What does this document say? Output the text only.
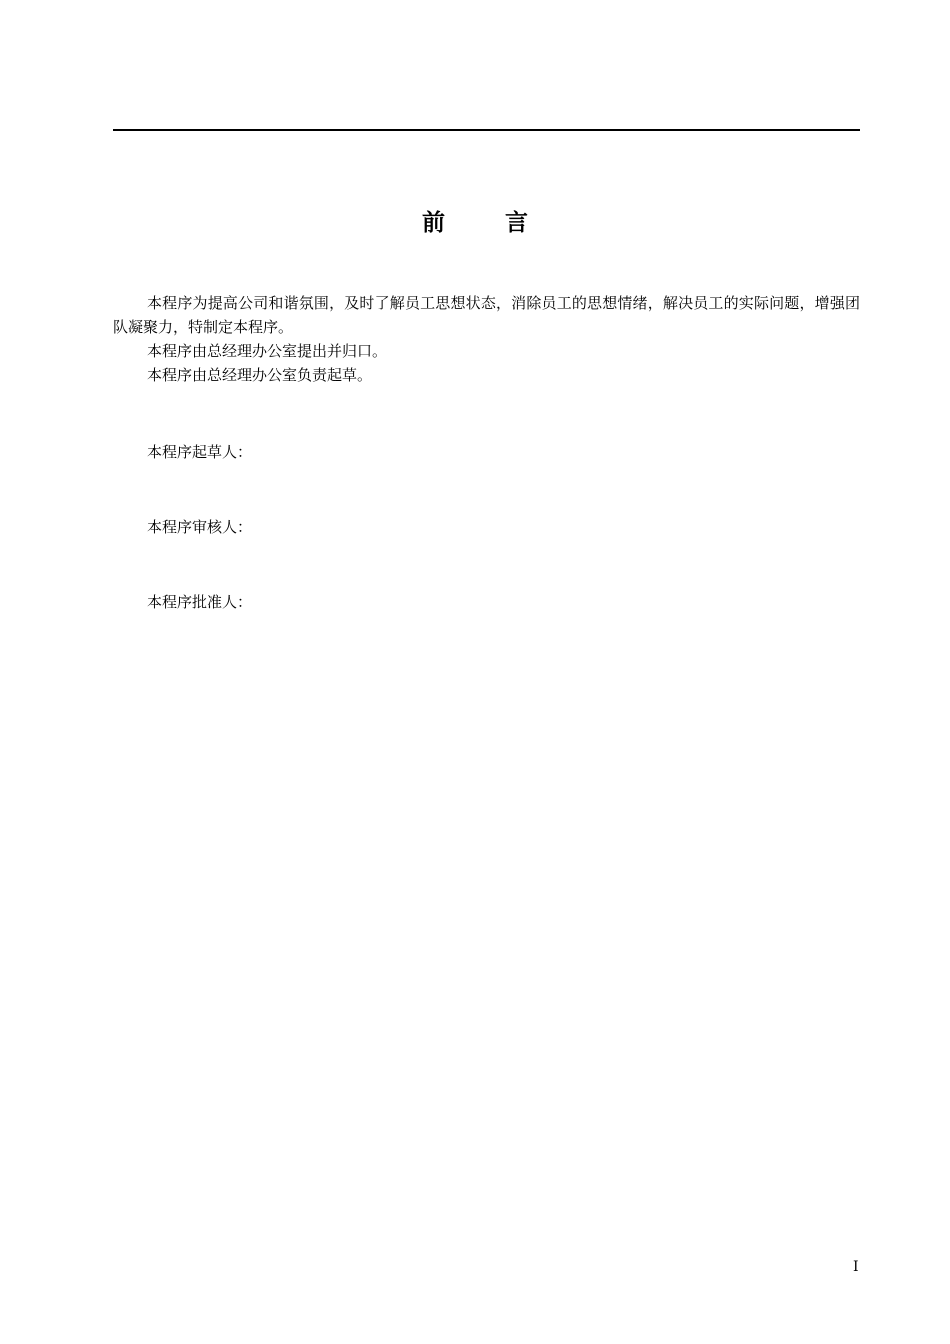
前	言

本程序为提高公司和谐氛围，及时了解员工思想状态，消除员工的思想情绪，解决员工的实际问题，增强团队凝聚力，特制定本程序。

本程序由总经理办公室提出并归口。

本程序由总经理办公室负责起草。

本程序起草人：
本程序审核人：
本程序批准人：
I
